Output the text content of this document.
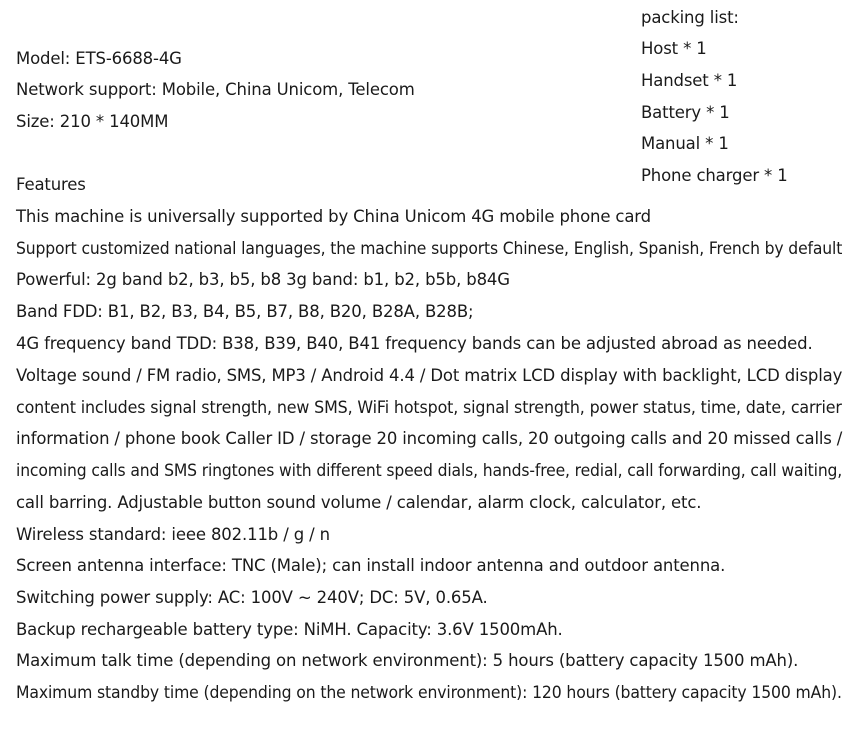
packing list:
Host * 1
Handset * 1
Battery * 1
Manual * 1
Phone charger * 1
Model: ETS-6688-4G
Network support: Mobile, China Unicom, Telecom
Size: 210 * 140MM
Features
This machine is universally supported by China Unicom 4G mobile phone card
Support customized national languages, the machine supports Chinese, English, Spanish, French by default
Powerful: 2g band b2, b3, b5, b8 3g band: b1, b2, b5b, b84G
Band FDD: B1, B2, B3, B4, B5, B7, B8, B20, B28A, B28B;
4G frequency band TDD: B38, B39, B40, B41 frequency bands can be adjusted abroad as needed.
Voltage sound / FM radio, SMS, MP3 / Android 4.4 / Dot matrix LCD display with backlight, LCD display
content includes signal strength, new SMS, WiFi hotspot, signal strength, power status, time, date, carrier
information / phone book Caller ID / storage 20 incoming calls, 20 outgoing calls and 20 missed calls /
incoming calls and SMS ringtones with different speed dials, hands-free, redial, call forwarding, call waiting,
call barring. Adjustable button sound volume / calendar, alarm clock, calculator, etc.
Wireless standard: ieee 802.11b / g / n
Screen antenna interface: TNC (Male); can install indoor antenna and outdoor antenna.
Switching power supply: AC: 100V ~ 240V; DC: 5V, 0.65A.
Backup rechargeable battery type: NiMH. Capacity: 3.6V 1500mAh.
Maximum talk time (depending on network environment): 5 hours (battery capacity 1500 mAh).
Maximum standby time (depending on the network environment): 120 hours (battery capacity 1500 mAh).
